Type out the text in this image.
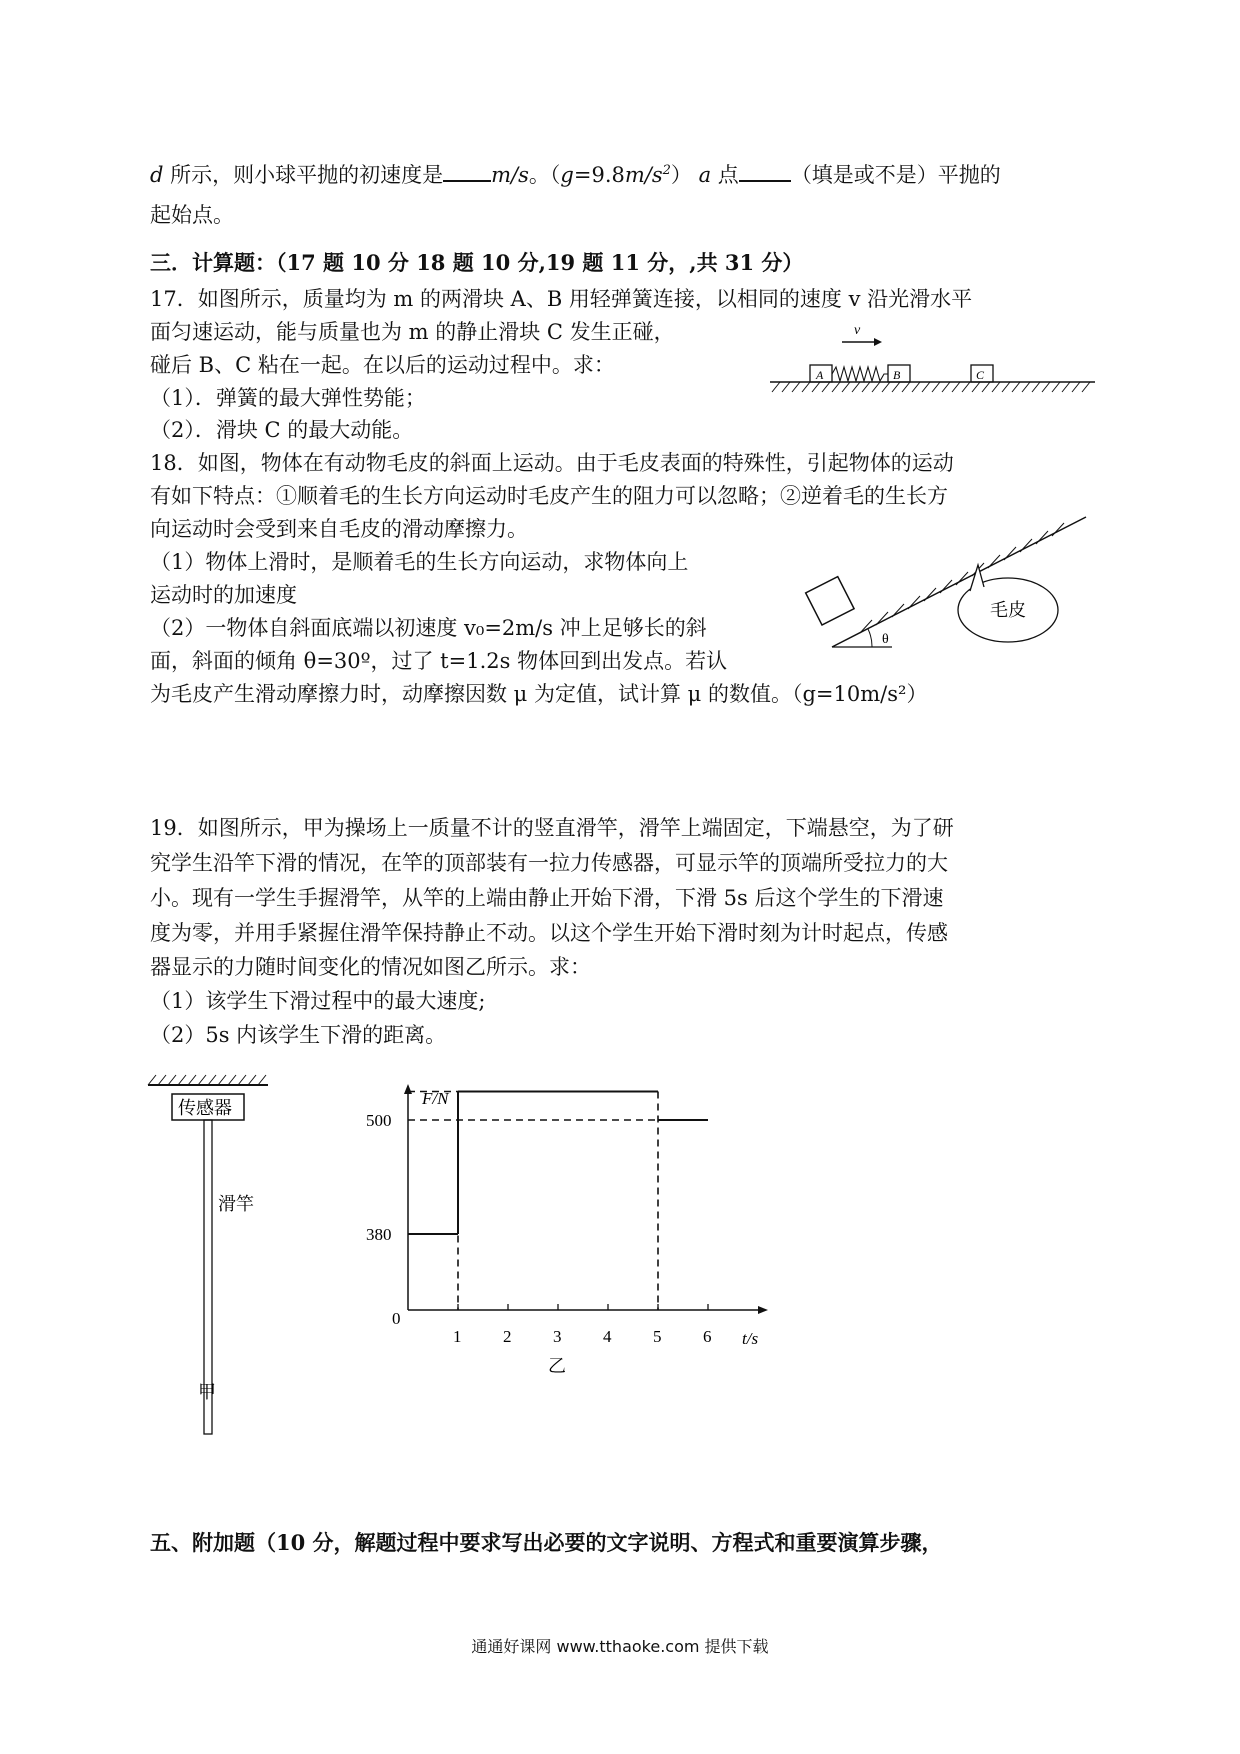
d 所示，则小球平抛的初速度是 m/s。$(g=9.8m/s^2)$ a 点 （填是或不是）平抛的
起始点。
三．计算题：（17 题 10 分 18 题 10 分,19 题 11 分，,共 31 分）
17．如图所示，质量均为 m 的两滑块 A、B 用轻弹簧连接，以相同的速度 v 沿光滑水平
面匀速运动，能与质量也为 m 的静止滑块 C 发生正碰，
碰后 B、C 粘在一起。在以后的运动过程中。求：
（1）．弹簧的最大弹性势能；
（2）．滑块 C 的最大动能。
v
A	B	C
18．如图，物体在有动物毛皮的斜面上运动。由于毛皮表面的特殊性，引起物体的运动
有如下特点：①顺着毛的生长方向运动时毛皮产生的阻力可以忽略；②逆着毛的生长方
向运动时会受到来自毛皮的滑动摩擦力。
（1）物体上滑时，是顺着毛的生长方向运动，求物体向上
运动时的加速度
（2）一物体自斜面底端以初速度 v₀=2m/s 冲上足够长的斜
面，斜面的倾角 θ=30º，过了 t=1.2s 物体回到出发点。若认
为毛皮产生滑动摩擦力时，动摩擦因数 μ 为定值，试计算 μ 的数值。（g=10m/s²）
θ
毛皮
19．如图所示，甲为操场上一质量不计的竖直滑竿，滑竿上端固定，下端悬空，为了研
究学生沿竿下滑的情况，在竿的顶部装有一拉力传感器，可显示竿的顶端所受拉力的大
小。现有一学生手握滑竿，从竿的上端由静止开始下滑，下滑 5s 后这个学生的下滑速
度为零，并用手紧握住滑竿保持静止不动。以这个学生开始下滑时刻为计时起点，传感
器显示的力随时间变化的情况如图乙所示。求：
（1）该学生下滑过程中的最大速度;
（2）5s 内该学生下滑的距离。
传感器
滑竿
甲
F/N
t/s
0
乙
1 2 3 4 5 6
380
500
五、附加题（10 分，解题过程中要求写出必要的文字说明、方程式和重要演算步骤，
通通好课网 www.tthaoke.com 提供下载
